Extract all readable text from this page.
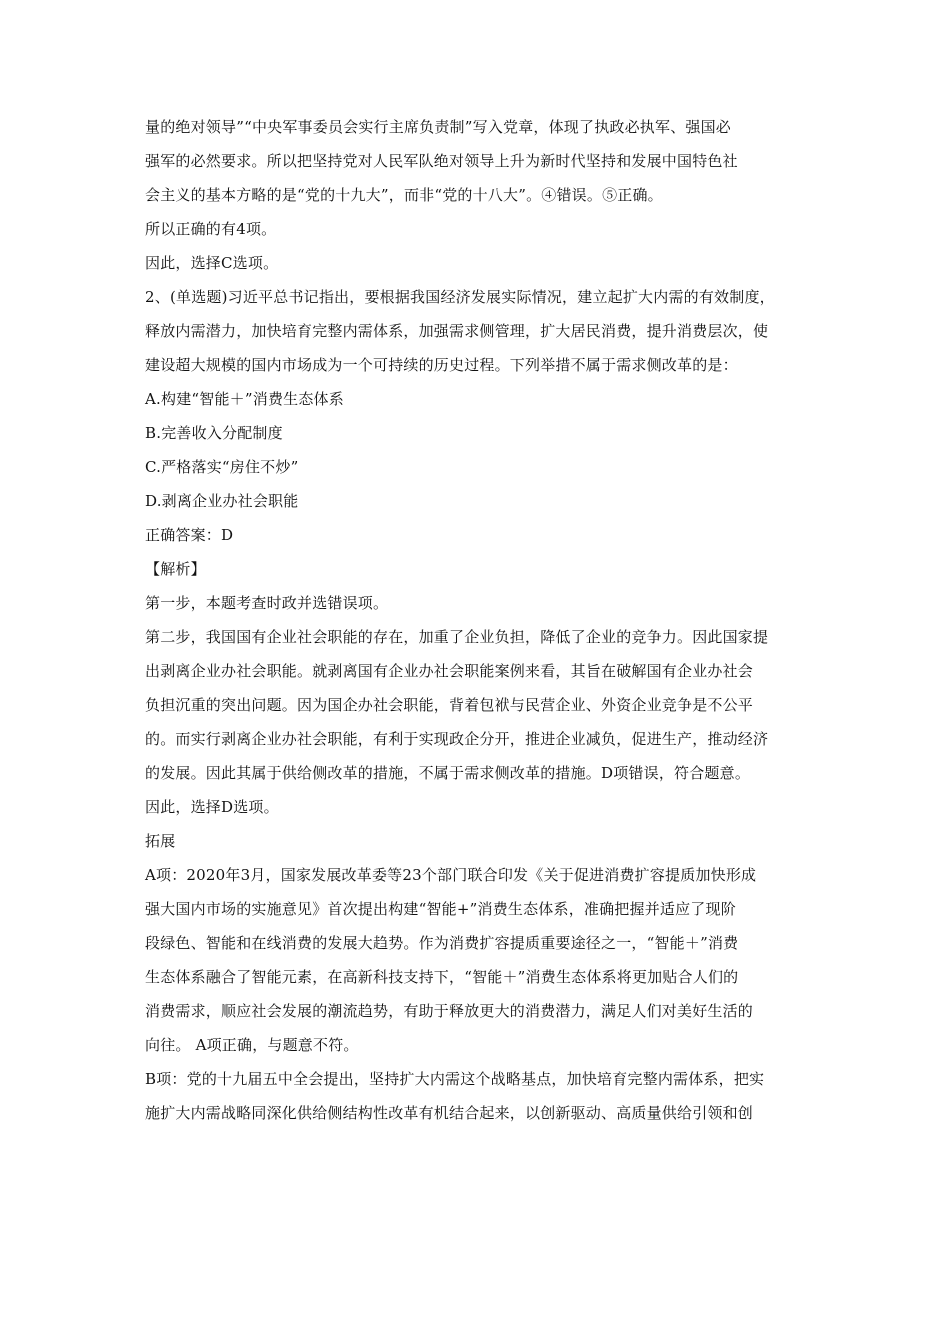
量的绝对领导”“中央军事委员会实行主席负责制”写入党章，体现了执政必执军、强国必
强军的必然要求。所以把坚持党对人民军队绝对领导上升为新时代坚持和发展中国特色社
会主义的基本方略的是“党的十九大”，而非“党的十八大”。④错误。⑤正确。
所以正确的有4项。
因此，选择C选项。
2、(单选题)习近平总书记指出，要根据我国经济发展实际情况，建立起扩大内需的有效制度，
释放内需潜力，加快培育完整内需体系，加强需求侧管理，扩大居民消费，提升消费层次，使
建设超大规模的国内市场成为一个可持续的历史过程。下列举措不属于需求侧改革的是：
A.构建“智能＋”消费生态体系
B.完善收入分配制度
C.严格落实“房住不炒”
D.剥离企业办社会职能
正确答案：D
【解析】
第一步，本题考查时政并选错误项。
第二步，我国国有企业社会职能的存在，加重了企业负担，降低了企业的竞争力。因此国家提
出剥离企业办社会职能。就剥离国有企业办社会职能案例来看，其旨在破解国有企业办社会
负担沉重的突出问题。因为国企办社会职能，背着包袱与民营企业、外资企业竞争是不公平
的。而实行剥离企业办社会职能，有利于实现政企分开，推进企业减负，促进生产，推动经济
的发展。因此其属于供给侧改革的措施，不属于需求侧改革的措施。D项错误，符合题意。
因此，选择D选项。
拓展
A项：2020年3月，国家发展改革委等23个部门联合印发《关于促进消费扩容提质加快形成
强大国内市场的实施意见》首次提出构建“智能+”消费生态体系，准确把握并适应了现阶
段绿色、智能和在线消费的发展大趋势。作为消费扩容提质重要途径之一，“智能＋”消费
生态体系融合了智能元素，在高新科技支持下，“智能＋”消费生态体系将更加贴合人们的
消费需求，顺应社会发展的潮流趋势，有助于释放更大的消费潜力，满足人们对美好生活的
向往。 A项正确，与题意不符。
B项：党的十九届五中全会提出，坚持扩大内需这个战略基点，加快培育完整内需体系，把实
施扩大内需战略同深化供给侧结构性改革有机结合起来，以创新驱动、高质量供给引领和创
